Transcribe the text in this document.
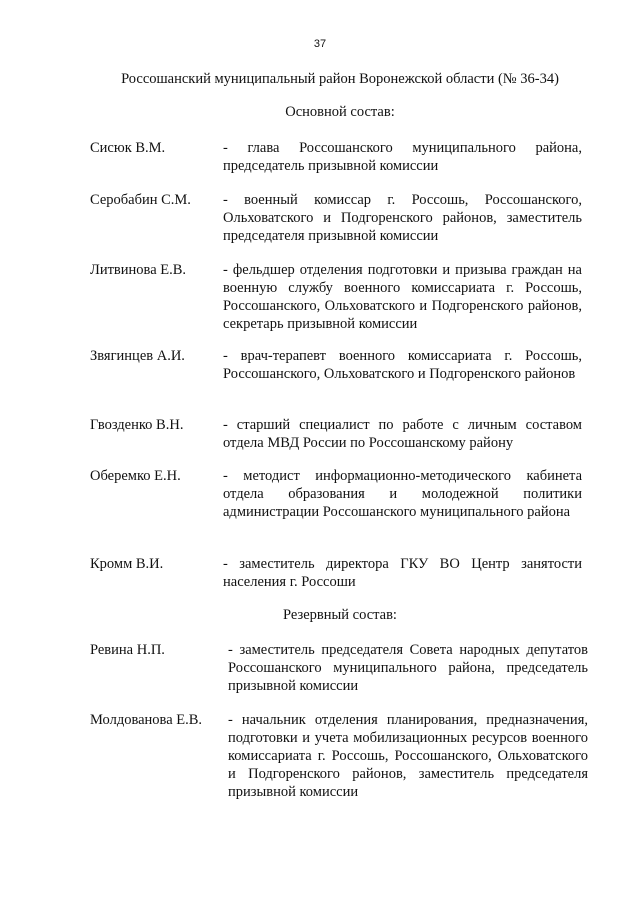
37
Россошанский муниципальный район Воронежской области (№ 36-34)
Основной состав:
Сисюк В.М.	- глава Россошанского муниципального района, председатель призывной комиссии
Серобабин С.М. - военный комиссар г. Россошь, Россошанского, Ольховатского и Подгоренского районов, заместитель председателя призывной комиссии
Литвинова Е.В.	- фельдшер отделения подготовки и призыва граждан на военную службу военного комиссариата г. Россошь, Россошанского, Ольховатского и Подгоренского районов, секретарь призывной комиссии
Звягинцев А.И.	- врач-терапевт военного комиссариата г. Россошь, Россошанского, Ольховатского и Подгоренского районов
Гвозденко В.Н.	- старший специалист по работе с личным составом отдела МВД России по Россошанскому району
Оберемко Е.Н.	- методист информационно-методического кабинета отдела образования и молодежной политики администрации Россошанского муниципального района
Кромм В.И.	- заместитель директора ГКУ ВО Центр занятости населения г. Россоши
Резервный состав:
Ревина Н.П.	- заместитель председателя Совета народных депутатов Россошанского муниципального района, председатель призывной комиссии
Молдованова Е.В. - начальник отделения планирования, предназначения, подготовки и учета мобилизационных ресурсов военного комиссариата г. Россошь, Россошанского, Ольховатского и Подгоренского районов, заместитель председателя призывной комиссии
